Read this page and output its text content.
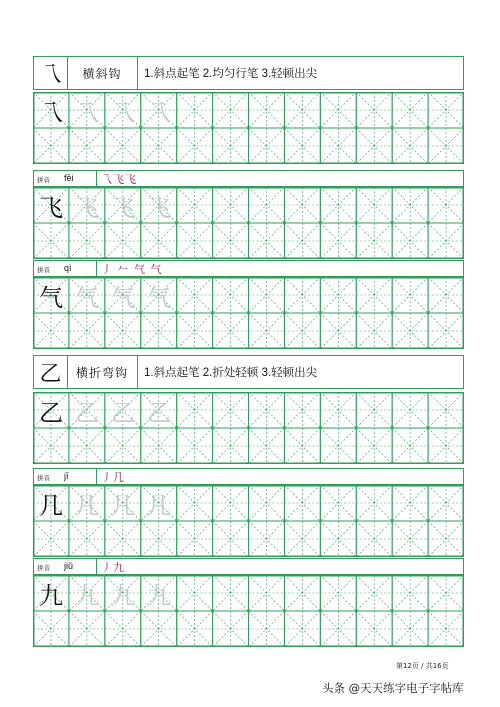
乁	横斜钩	1.斜点起笔 2.均匀行笔 3.轻顿出尖
乁 乁 乁 乁
拼音 fēi 乁飞飞
飞 飞 飞 飞
拼音 qì	丿 𠂉 气 气
气 气 气 气
乙	横折弯钩	1.斜点起笔 2.折处轻顿 3.轻顿出尖
乙 乙 乙 乙
拼音 jī	丿几
几 几 几 几
拼音 jiǔ	丿九
九 九 九 九
第12页 / 共16页
头条 @天天练字电子字帖库
